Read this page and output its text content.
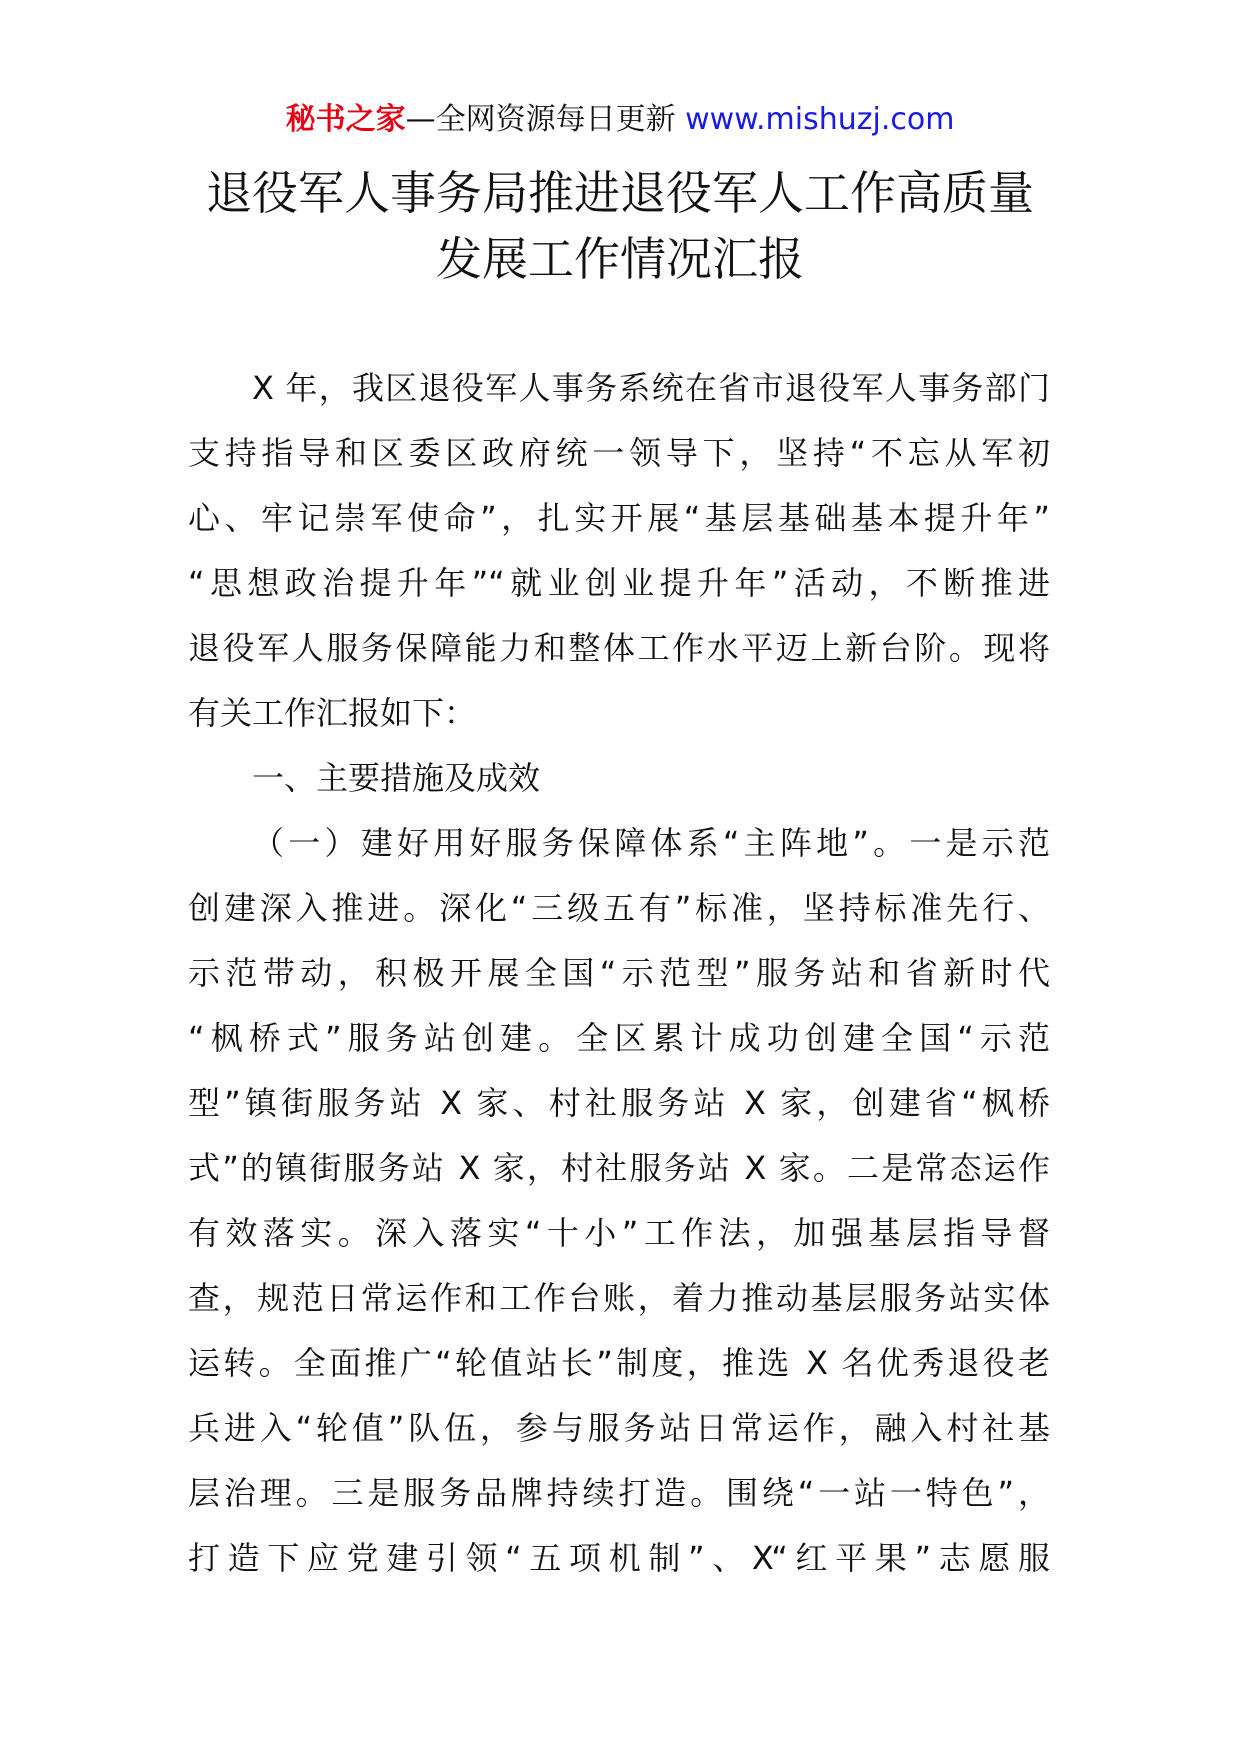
秘书之家—全网资源每日更新 www.mishuzj.com
退役军人事务局推进退役军人工作高质量
发展工作情况汇报
X 年，我区退役军人事务系统在省市退役军人事务部门
支持指导和区委区政府统一领导下，坚持“不忘从军初
心、牢记崇军使命”，扎实开展“基层基础基本提升年”
“思想政治提升年”“就业创业提升年”活动，不断推进
退役军人服务保障能力和整体工作水平迈上新台阶。现将
有关工作汇报如下：
一、主要措施及成效
（一）建好用好服务保障体系“主阵地”。一是示范
创建深入推进。深化“三级五有”标准，坚持标准先行、
示范带动，积极开展全国“示范型”服务站和省新时代
“枫桥式”服务站创建。全区累计成功创建全国“示范
型”镇街服务站 X 家、村社服务站 X 家，创建省“枫桥
式”的镇街服务站 X 家，村社服务站 X 家。二是常态运作
有效落实。深入落实“十小”工作法，加强基层指导督
查，规范日常运作和工作台账，着力推动基层服务站实体
运转。全面推广“轮值站长”制度，推选 X 名优秀退役老
兵进入“轮值”队伍，参与服务站日常运作，融入村社基
层治理。三是服务品牌持续打造。围绕“一站一特色”，
打造下应党建引领“五项机制”、X“红平果”志愿服
